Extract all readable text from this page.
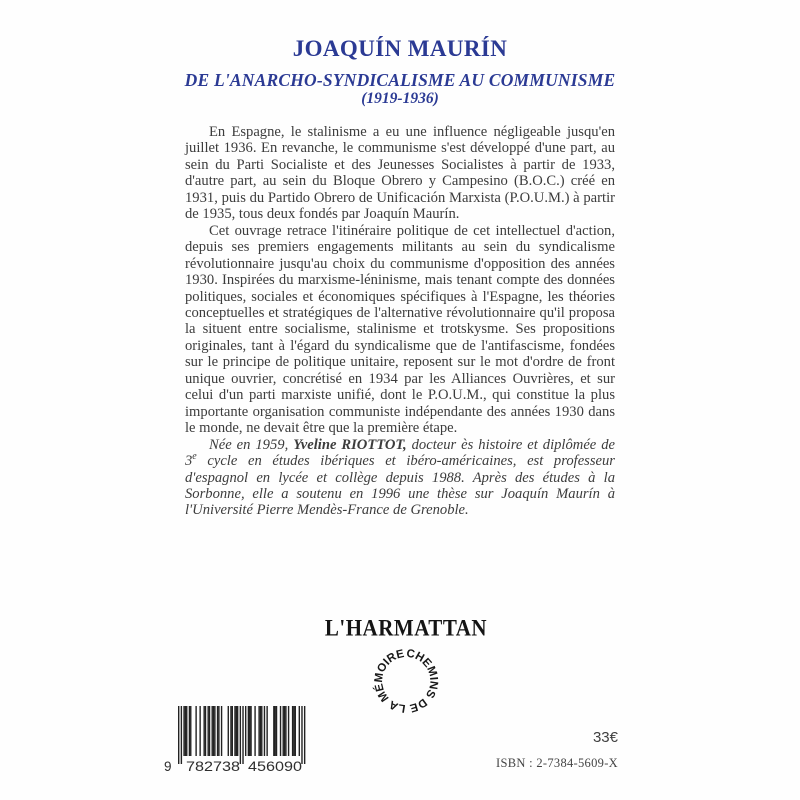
JOAQUÍN MAURÍN
DE L'ANARCHO-SYNDICALISME AU COMMUNISME
(1919-1936)

En Espagne, le stalinisme a eu une influence négligeable jusqu'en juillet 1936. En revanche, le communisme s'est développé d'une part, au sein du Parti Socialiste et des Jeunesses Socialistes à partir de 1933, d'autre part, au sein du Bloque Obrero y Campesino (B.O.C.) créé en 1931, puis du Partido Obrero de Unificación Marxista (P.O.U.M.) à partir de 1935, tous deux fondés par Joaquín Maurín.

Cet ouvrage retrace l'itinéraire politique de cet intellectuel d'action, depuis ses premiers engagements militants au sein du syndicalisme révolutionnaire jusqu'au choix du communisme d'opposition des années 1930. Inspirées du marxisme-léninisme, mais tenant compte des données politiques, sociales et économiques spécifiques à l'Espagne, les théories conceptuelles et stratégiques de l'alternative révolutionnaire qu'il proposa la situent entre socialisme, stalinisme et trotskysme. Ses propositions originales, tant à l'égard du syndicalisme que de l'antifascisme, fondées sur le principe de politique unitaire, reposent sur le mot d'ordre de front unique ouvrier, concrétisé en 1934 par les Alliances Ouvrières, et sur celui d'un parti marxiste unifié, dont le P.O.U.M., qui constitue la plus importante organisation communiste indépendante des années 1930 dans le monde, ne devait être que la première étape.

Née en 1959, Yveline RIOTTOT, docteur ès histoire et diplômée de 3e cycle en études ibériques et ibéro-américaines, est professeur d'espagnol en lycée et collège depuis 1988. Après des études à la Sorbonne, elle a soutenu en 1996 une thèse sur Joaquín Maurín à l'Université Pierre Mendès-France de Grenoble.

L'HARMATTAN
CHEMINS DE LA MÉMOIRE
9 782738 456090
33€
ISBN : 2-7384-5609-X
